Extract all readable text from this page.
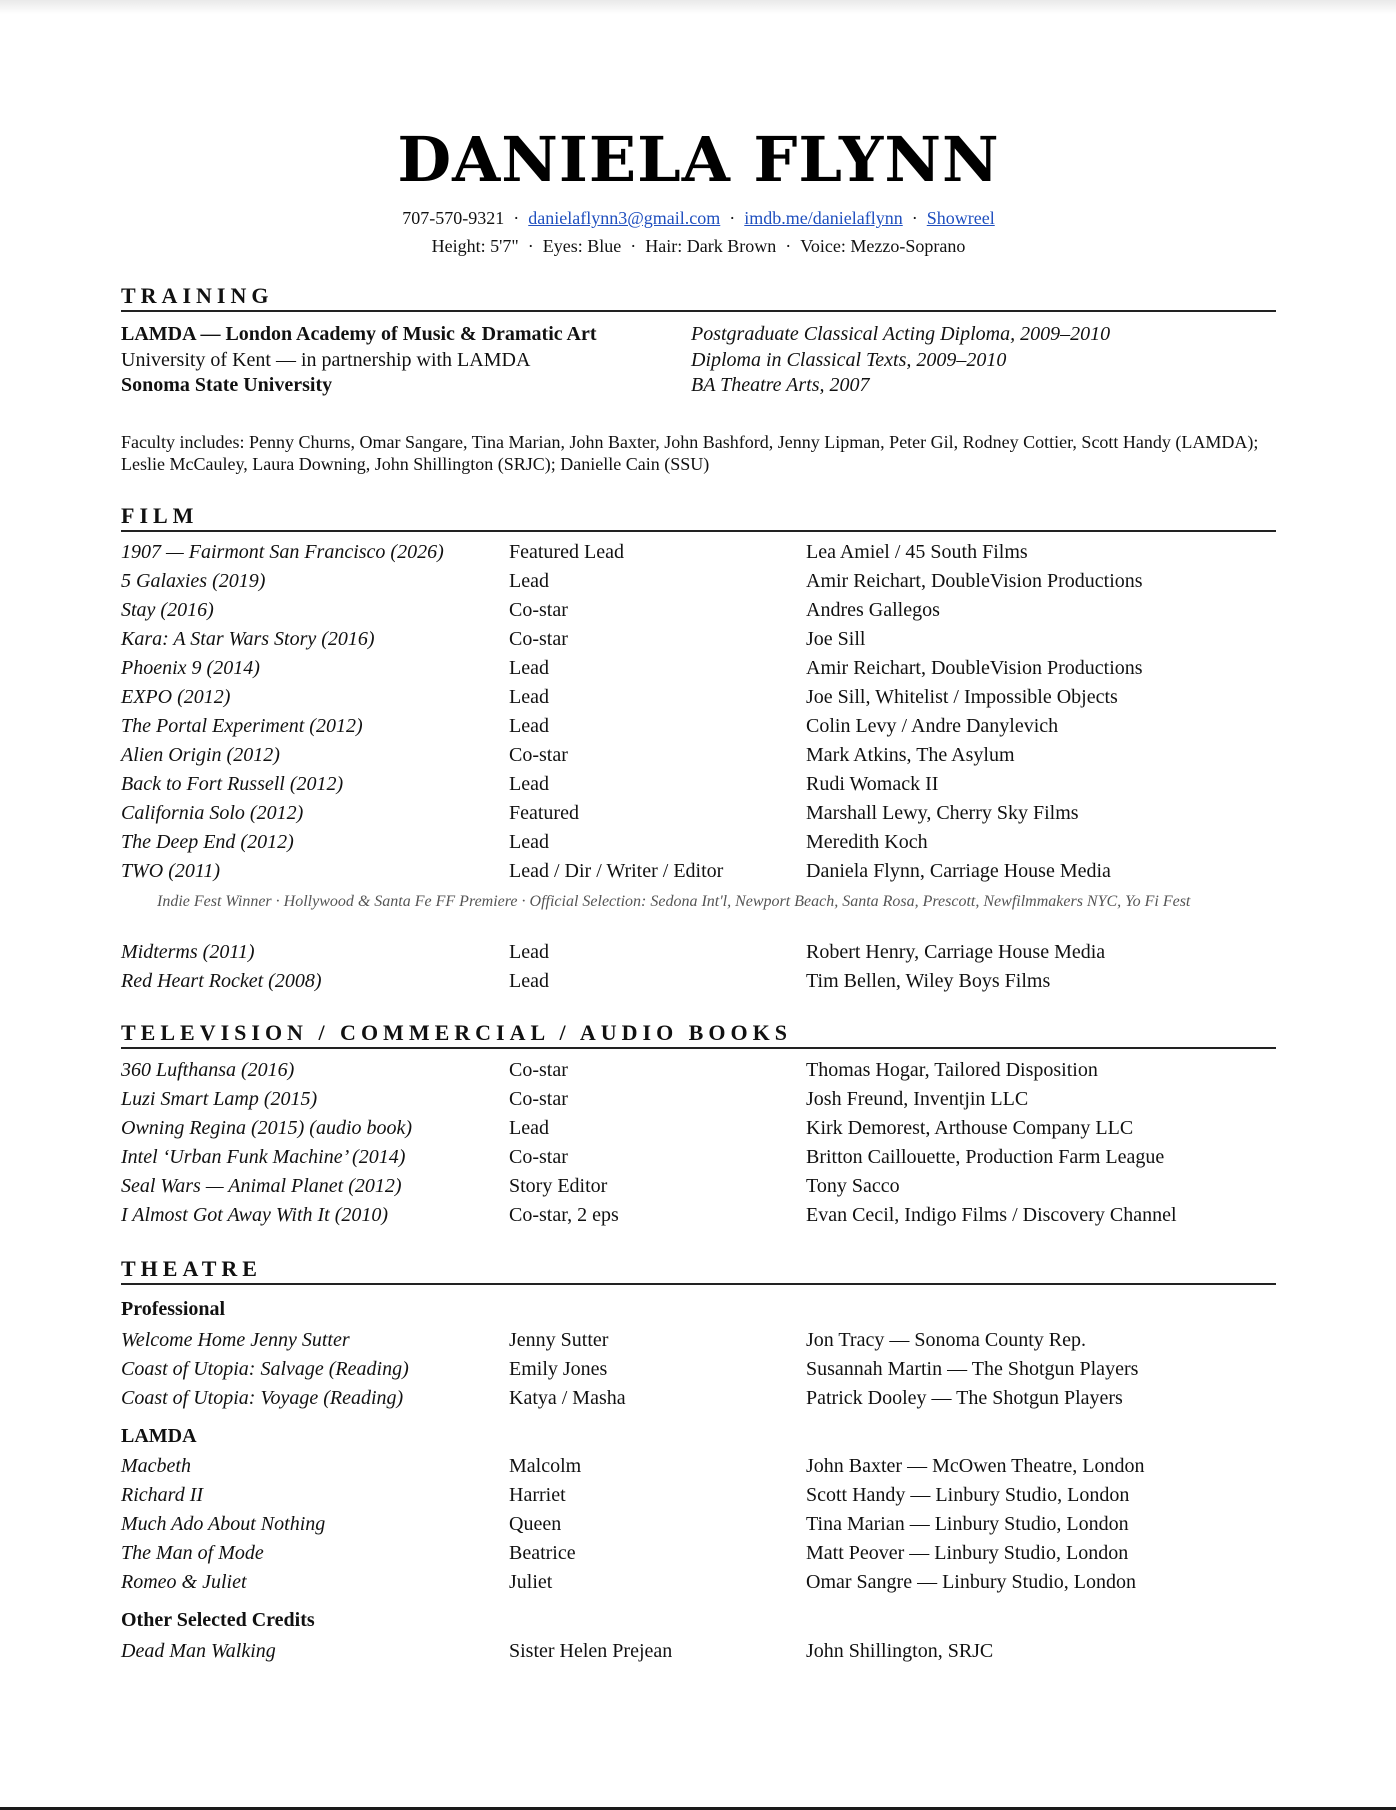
DANIELA FLYNN
707-570-9321 · danielaflynn3@gmail.com · imdb.me/danielaflynn · Showreel
Height: 5'7" · Eyes: Blue · Hair: Dark Brown · Voice: Mezzo-Soprano
TRAINING
LAMDA — London Academy of Music & Dramatic Art	Postgraduate Classical Acting Diploma, 2009–2010
University of Kent — in partnership with LAMDA	Diploma in Classical Texts, 2009–2010
Sonoma State University	BA Theatre Arts, 2007
Faculty includes: Penny Churns, Omar Sangare, Tina Marian, John Baxter, John Bashford, Jenny Lipman, Peter Gil, Rodney Cottier, Scott Handy (LAMDA); Leslie McCauley, Laura Downing, John Shillington (SRJC); Danielle Cain (SSU)
FILM
1907 — Fairmont San Francisco (2026)	Featured Lead	Lea Amiel / 45 South Films
5 Galaxies (2019)	Lead	Amir Reichart, DoubleVision Productions
Stay (2016)	Co-star	Andres Gallegos
Kara: A Star Wars Story (2016)	Co-star	Joe Sill
Phoenix 9 (2014)	Lead	Amir Reichart, DoubleVision Productions
EXPO (2012)	Lead	Joe Sill, Whitelist / Impossible Objects
The Portal Experiment (2012)	Lead	Colin Levy / Andre Danylevich
Alien Origin (2012)	Co-star	Mark Atkins, The Asylum
Back to Fort Russell (2012)	Lead	Rudi Womack II
California Solo (2012)	Featured	Marshall Lewy, Cherry Sky Films
The Deep End (2012)	Lead	Meredith Koch
TWO (2011)	Lead / Dir / Writer / Editor	Daniela Flynn, Carriage House Media
Indie Fest Winner · Hollywood & Santa Fe FF Premiere · Official Selection: Sedona Int'l, Newport Beach, Santa Rosa, Prescott, Newfilmmakers NYC, Yo Fi Fest
Midterms (2011)	Lead	Robert Henry, Carriage House Media
Red Heart Rocket (2008)	Lead	Tim Bellen, Wiley Boys Films
TELEVISION / COMMERCIAL / AUDIO BOOKS
360 Lufthansa (2016)	Co-star	Thomas Hogar, Tailored Disposition
Luzi Smart Lamp (2015)	Co-star	Josh Freund, Inventjin LLC
Owning Regina (2015) (audio book)	Lead	Kirk Demorest, Arthouse Company LLC
Intel ‘Urban Funk Machine’ (2014)	Co-star	Britton Caillouette, Production Farm League
Seal Wars — Animal Planet (2012)	Story Editor	Tony Sacco
I Almost Got Away With It (2010)	Co-star, 2 eps	Evan Cecil, Indigo Films / Discovery Channel
THEATRE
Professional
Welcome Home Jenny Sutter	Jenny Sutter	Jon Tracy — Sonoma County Rep.
Coast of Utopia: Salvage (Reading)	Emily Jones	Susannah Martin — The Shotgun Players
Coast of Utopia: Voyage (Reading)	Katya / Masha	Patrick Dooley — The Shotgun Players
LAMDA
Macbeth	Malcolm	John Baxter — McOwen Theatre, London
Richard II	Harriet	Scott Handy — Linbury Studio, London
Much Ado About Nothing	Queen	Tina Marian — Linbury Studio, London
The Man of Mode	Beatrice	Matt Peover — Linbury Studio, London
Romeo & Juliet	Juliet	Omar Sangre — Linbury Studio, London
Other Selected Credits
Dead Man Walking	Sister Helen Prejean	John Shillington, SRJC
